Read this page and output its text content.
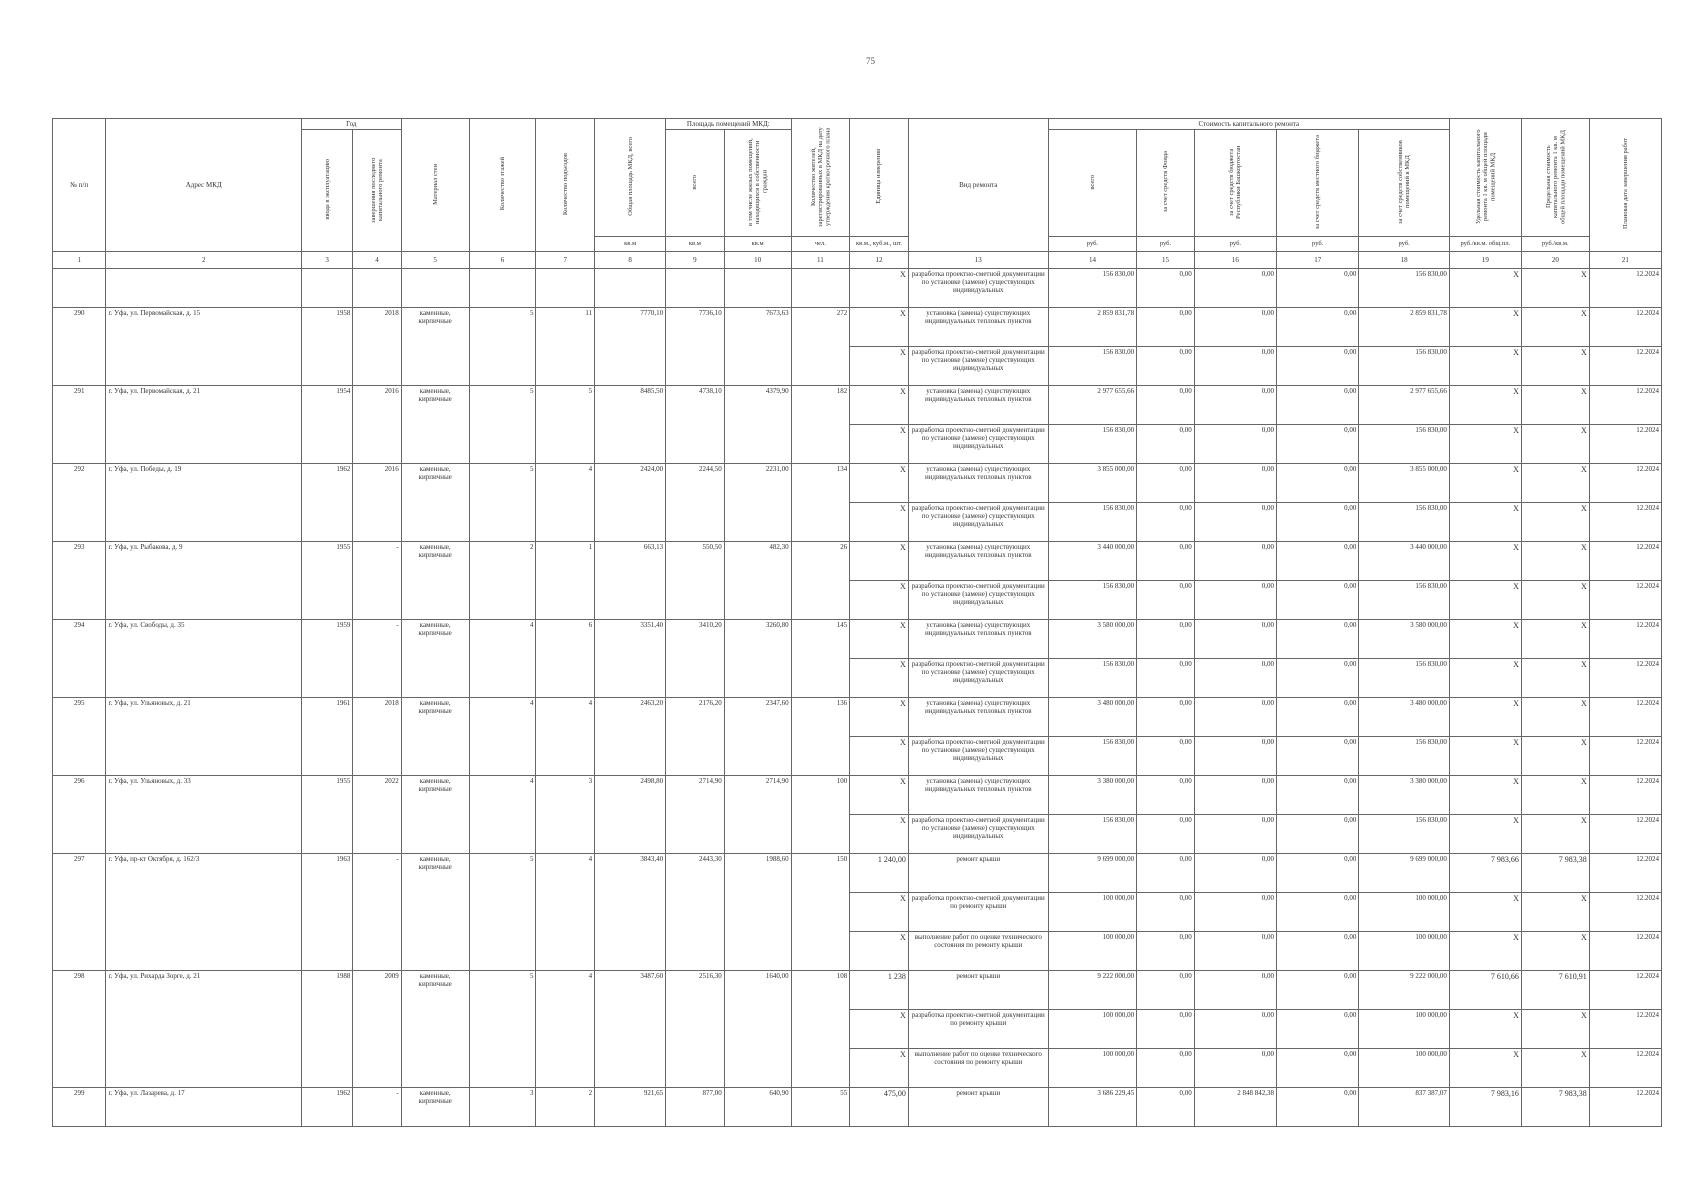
75
№ п/п	Адрес МКД	Год		Материал стен	Количество этажей	Количество подъездов	Общая площадь МКД, всего	Площадь помещений МКД:		Количество жителей, зарегистрированных в МКД на дату утверждения краткосрочного плана	Единица измерения	Вид ремонта	Стоимость капитального ремонта					Удельная стоимость капитального ремонта 1 кв. м общей площади помещений МКД	Предельная стоимость капитального ремонта 1 кв. м общей площади помещений МКД	Плановая дата завершения работ
		ввода в эксплуатацию	завершения последнего капитального ремонта					всего	в том числе жилых помещений, находящихся в собственности граждан				всего	за счет средств Фонда	за счет средств бюджета Республики Башкортостан	за счет средств местного бюджета	за счет средств собственников помещений в МКД			
							кв.м	кв.м	кв.м	чел.	кв.м., куб.м., шт.		руб.	руб.	руб.	руб.	руб.	руб./кв.м. общ.пл.	руб./кв.м.	
1	2	3	4	5	6	7	8	9	10	11	12	13	14	15	16	17	18	19	20	21
											X	разработка проектно-сметной документации по установке (замене) существующих индивидуальных	156 830,00	0,00	0,00	0,00	156 830,00	X	X	12.2024
290	г. Уфа, ул. Первомайская, д. 15	1958	2018	каменные, кирпичные	5	11	7770,10	7736,10	7673,63	272	X	установка (замена) существующих индивидуальных тепловых пунктов	2 859 831,78	0,00	0,00	0,00	2 859 831,78	X	X	12.2024
											X	разработка проектно-сметной документации по установке (замене) существующих индивидуальных	156 830,00	0,00	0,00	0,00	156 830,00	X	X	12.2024
291	г. Уфа, ул. Первомайская, д. 21	1954	2016	каменные, кирпичные	5	5	8485,50	4738,10	4379,90	182	X	установка (замена) существующих индивидуальных тепловых пунктов	2 977 655,66	0,00	0,00	0,00	2 977 655,66	X	X	12.2024
											X	разработка проектно-сметной документации по установке (замене) существующих индивидуальных	156 830,00	0,00	0,00	0,00	156 830,00	X	X	12.2024
292	г. Уфа, ул. Победы, д. 19	1962	2016	каменные, кирпичные	5	4	2424,00	2244,50	2231,00	134	X	установка (замена) существующих индивидуальных тепловых пунктов	3 855 000,00	0,00	0,00	0,00	3 855 000,00	X	X	12.2024
											X	разработка проектно-сметной документации по установке (замене) существующих индивидуальных	156 830,00	0,00	0,00	0,00	156 830,00	X	X	12.2024
293	г. Уфа, ул. Рыбакова, д. 9	1955	-	каменные, кирпичные	2	1	663,13	550,50	482,30	26	X	установка (замена) существующих индивидуальных тепловых пунктов	3 440 000,00	0,00	0,00	0,00	3 440 000,00	X	X	12.2024
											X	разработка проектно-сметной документации по установке (замене) существующих индивидуальных	156 830,00	0,00	0,00	0,00	156 830,00	X	X	12.2024
294	г. Уфа, ул. Свободы, д. 35	1959	-	каменные, кирпичные	4	6	3351,40	3410,20	3260,80	145	X	установка (замена) существующих индивидуальных тепловых пунктов	3 580 000,00	0,00	0,00	0,00	3 580 000,00	X	X	12.2024
											X	разработка проектно-сметной документации по установке (замене) существующих индивидуальных	156 830,00	0,00	0,00	0,00	156 830,00	X	X	12.2024
295	г. Уфа, ул. Ульяновых, д. 21	1961	2018	каменные, кирпичные	4	4	2463,20	2176,20	2347,60	136	X	установка (замена) существующих индивидуальных тепловых пунктов	3 480 000,00	0,00	0,00	0,00	3 480 000,00	X	X	12.2024
											X	разработка проектно-сметной документации по установке (замене) существующих индивидуальных	156 830,00	0,00	0,00	0,00	156 830,00	X	X	12.2024
296	г. Уфа, ул. Ульяновых, д. 33	1955	2022	каменные, кирпичные	4	3	2498,80	2714,90	2714,90	100	X	установка (замена) существующих индивидуальных тепловых пунктов	3 380 000,00	0,00	0,00	0,00	3 380 000,00	X	X	12.2024
											X	разработка проектно-сметной документации по установке (замене) существующих индивидуальных	156 830,00	0,00	0,00	0,00	156 830,00	X	X	12.2024
297	г. Уфа, пр-кт Октября, д. 162/3	1963	-	каменные, кирпичные	5	4	3843,40	2443,30	1988,60	150	1 240,00	ремонт крыши	9 699 000,00	0,00	0,00	0,00	9 699 000,00	7 983,66	7 983,38	12.2024
											X	разработка проектно-сметной документации по ремонту крыши	100 000,00	0,00	0,00	0,00	100 000,00	X	X	12.2024
											X	выполнение работ по оценке технического состояния по ремонту крыши	100 000,00	0,00	0,00	0,00	100 000,00	X	X	12.2024
298	г. Уфа, ул. Рихарда Зорге, д. 21	1988	2009	каменные, кирпичные	5	4	3487,60	2516,30	1640,00	108	1 238	ремонт крыши	9 222 000,00	0,00	0,00	0,00	9 222 000,00	7 610,66	7 610,91	12.2024
											X	разработка проектно-сметной документации по ремонту крыши	100 000,00	0,00	0,00	0,00	100 000,00	X	X	12.2024
											X	выполнение работ по оценке технического состояния по ремонту крыши	100 000,00	0,00	0,00	0,00	100 000,00	X	X	12.2024
299	г. Уфа, ул. Лазарева, д. 17	1962	-	каменные, кирпичные	3	2	921,65	877,00	640,90	55	475,00	ремонт крыши	3 686 229,45	0,00	2 848 842,38	0,00	837 387,07	7 983,16	7 983,38	12.2024
